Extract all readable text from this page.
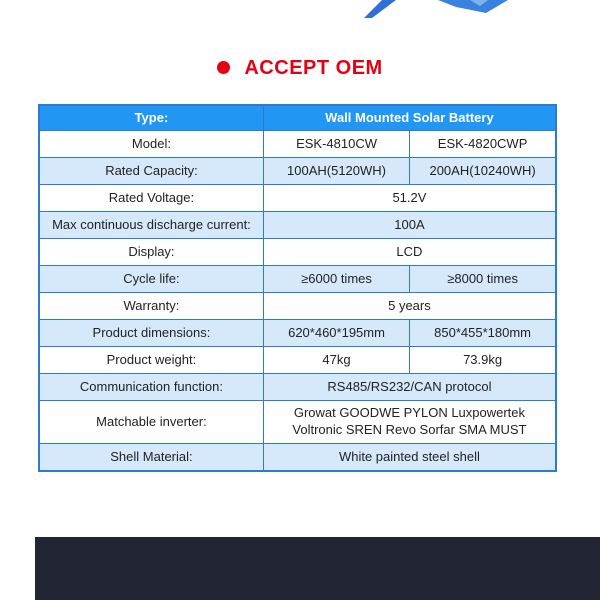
ACCEPT OEM
Type:	Wall Mounted Solar Battery	
Model:	ESK-4810CW	ESK-4820CWP
Rated Capacity:	100AH(5120WH)	200AH(10240WH)
Rated Voltage:	51.2V	
Max continuous discharge current:	100A	
Display:	LCD	
Cycle life:	≥6000 times	≥8000 times
Warranty:	5 years	
Product dimensions:	620*460*195mm	850*455*180mm
Product weight:	47kg	73.9kg
Communication function:	RS485/RS232/CAN protocol	
Matchable inverter:	Growat GOODWE PYLON Luxpowertek Voltronic SREN Revo Sorfar SMA MUST	
Shell Material:	White painted steel shell	
